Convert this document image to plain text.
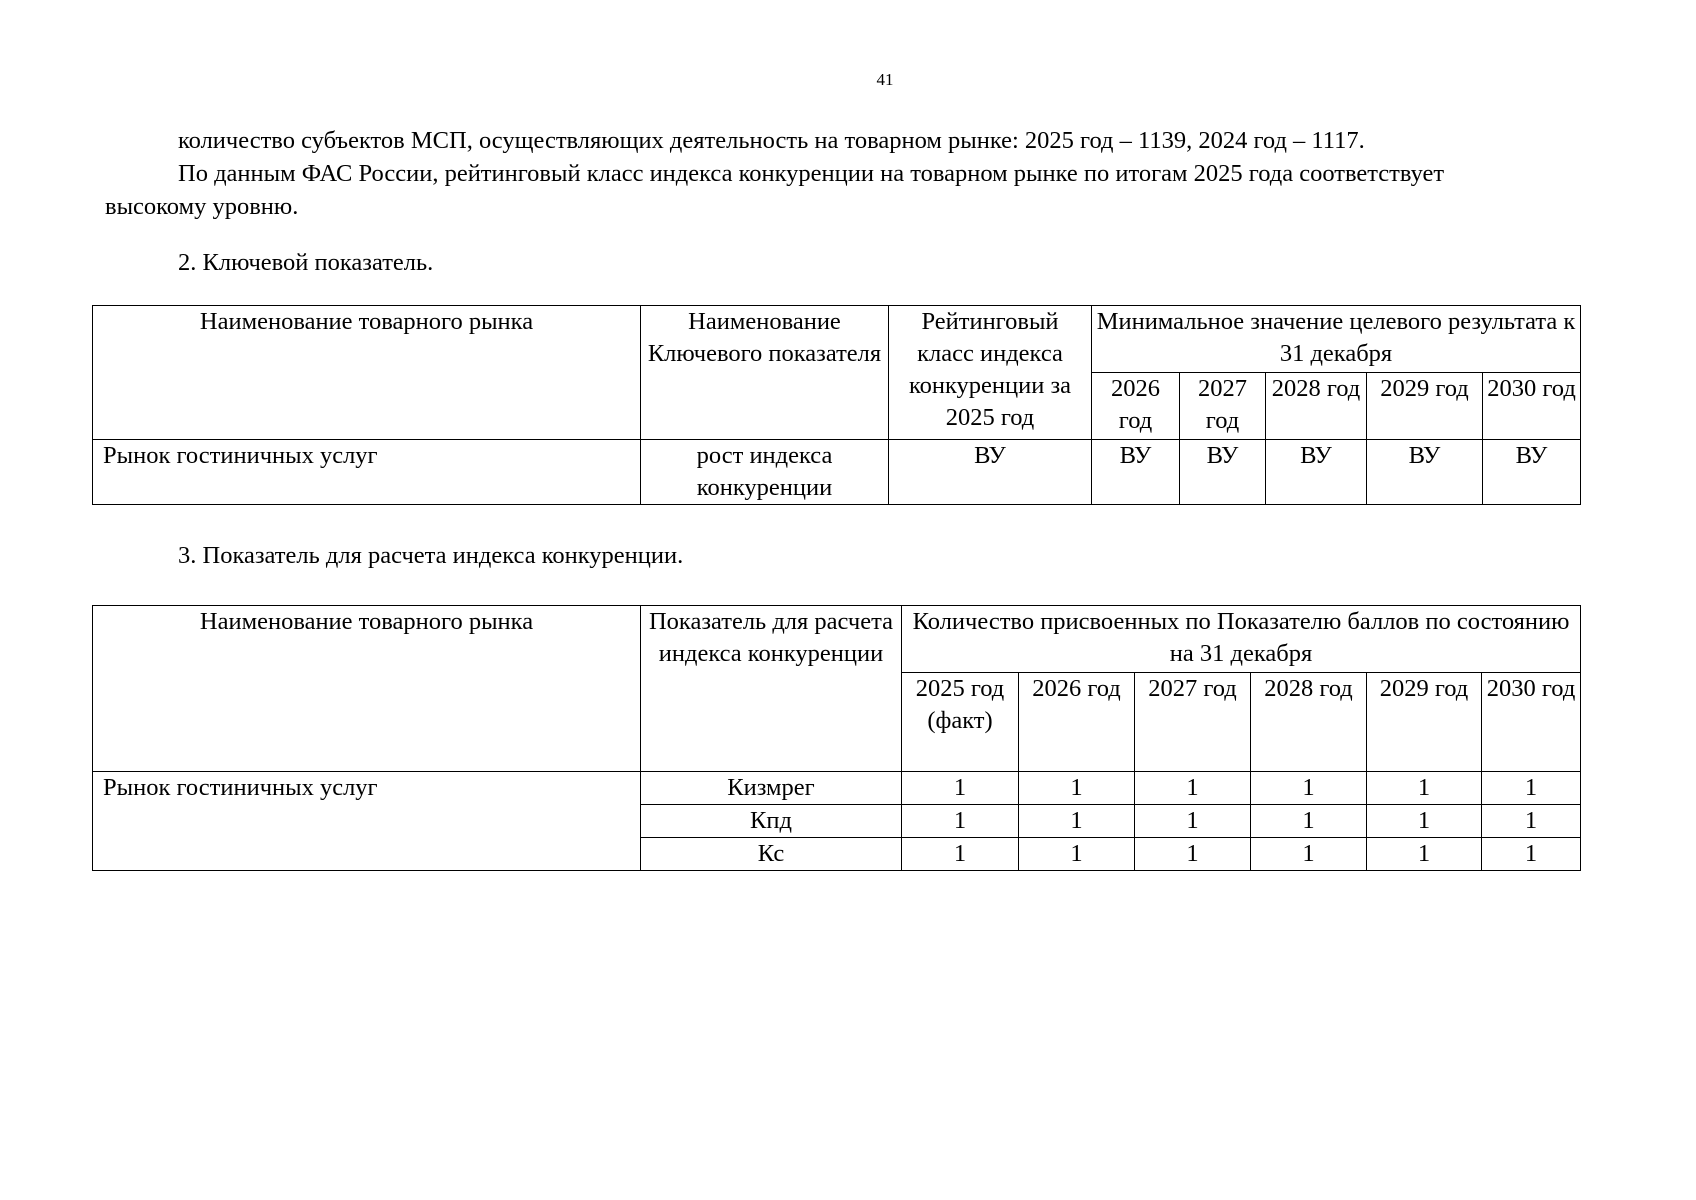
41
количество субъектов МСП, осуществляющих деятельность на товарном рынке: 2025 год – 1139, 2024 год – 1117.
По данным ФАС России, рейтинговый класс индекса конкуренции на товарном рынке по итогам 2025 года соответствует
высокому уровню.
2. Ключевой показатель.
Наименование товарного рынка	Наименование Ключевого показателя	Рейтинговый класс индекса конкуренции за 2025 год	Минимальное значение целевого результата к 31 декабря				
			2026 год	2027 год	2028 год	2029 год	2030 год
Рынок гостиничных услуг	рост индекса конкуренции	ВУ	ВУ	ВУ	ВУ	ВУ	ВУ
3. Показатель для расчета индекса конкуренции.
Наименование товарного рынка	Показатель для расчета индекса конкуренции	Количество присвоенных по Показателю баллов по состоянию на 31 декабря					
		2025 год (факт)	2026 год	2027 год	2028 год	2029 год	2030 год
Рынок гостиничных услуг	Кизмрег	1	1	1	1	1	1
	Кпд	1	1	1	1	1	1
	Кс	1	1	1	1	1	1
